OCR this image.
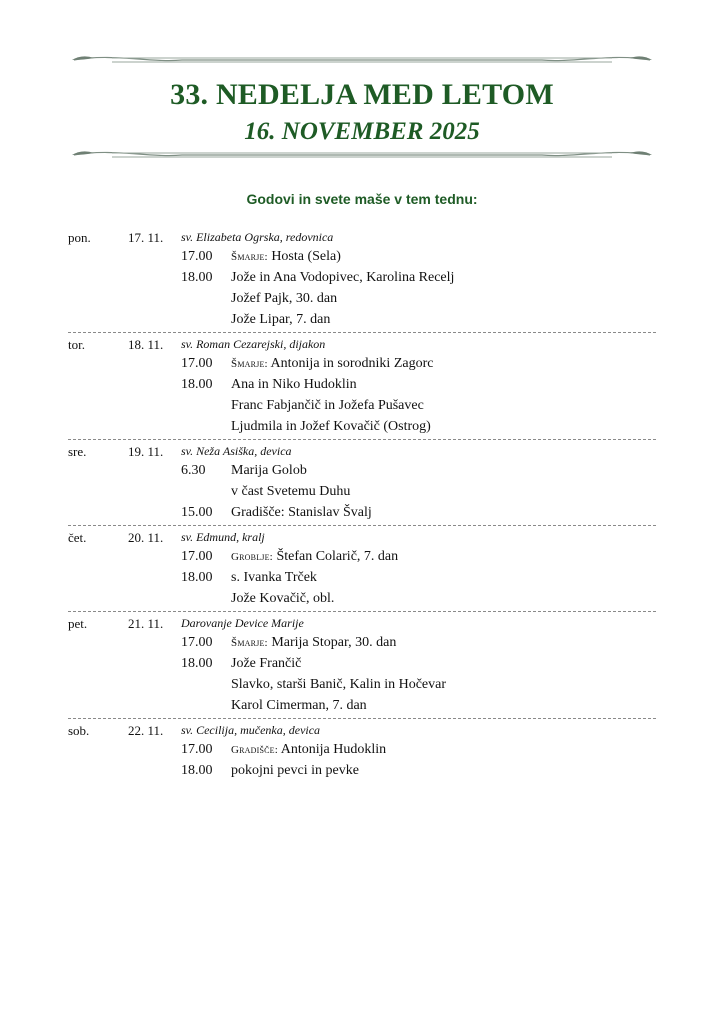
33. NEDELJA MED LETOM
16. NOVEMBER 2025
Godovi in svete maše v tem tednu:
pon.	17. 11. sv. Elizabeta Ogrska, redovnica
17.00 Šmarje: Hosta (Sela)
18.00 Jože in Ana Vodopivec, Karolina Recelj
Jožef Pajk, 30. dan
Jože Lipar, 7. dan
tor.	18. 11. sv. Roman Cezarejski, dijakon
17.00 Šmarje: Antonija in sorodniki Zagorc
18.00 Ana in Niko Hudoklin
Franc Fabjančič in Jožefa Pušavec
Ljudmila in Jožef Kovačič (Ostrog)
sre.	19. 11. sv. Neža Asiška, devica
6.30 Marija Golob
v čast Svetemu Duhu
15.00 Gradišče: Stanislav Švalj
čet.	20. 11. sv. Edmund, kralj
17.00 Groblje: Štefan Colarič, 7. dan
18.00 s. Ivanka Trček
Jože Kovačič, obl.
pet.	21. 11. Darovanje Device Marije
17.00 Šmarje: Marija Stopar, 30. dan
18.00 Jože Frančič
Slavko, starši Banič, Kalin in Hočevar
Karol Cimerman, 7. dan
sob.	22. 11. sv. Cecilija, mučenka, devica
17.00 Gradišče: Antonija Hudoklin
18.00 pokojni pevci in pevke
